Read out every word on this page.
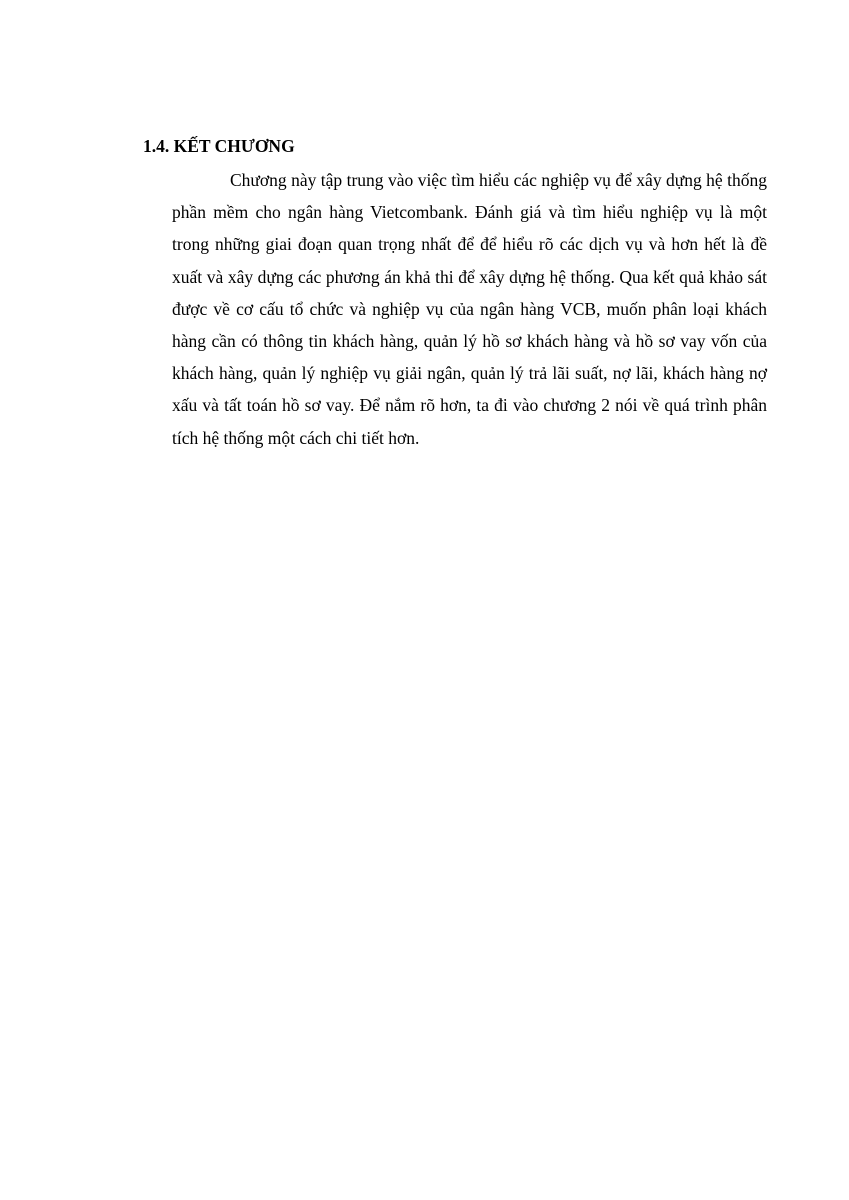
1.4. KẾT CHƯƠNG

Chương này tập trung vào việc tìm hiểu các nghiệp vụ để xây dựng hệ thống phần mềm cho ngân hàng Vietcombank. Đánh giá và tìm hiểu nghiệp vụ là một trong những giai đoạn quan trọng nhất để để hiểu rõ các dịch vụ và hơn hết là đề xuất và xây dựng các phương án khả thi để xây dựng hệ thống. Qua kết quả khảo sát được về cơ cấu tổ chức và nghiệp vụ của ngân hàng VCB, muốn phân loại khách hàng cần có thông tin khách hàng, quản lý hồ sơ khách hàng và hồ sơ vay vốn của khách hàng, quản lý nghiệp vụ giải ngân, quản lý trả lãi suất, nợ lãi, khách hàng nợ xấu và tất toán hồ sơ vay. Để nắm rõ hơn, ta đi vào chương 2 nói về quá trình phân tích hệ thống một cách chi tiết hơn.
